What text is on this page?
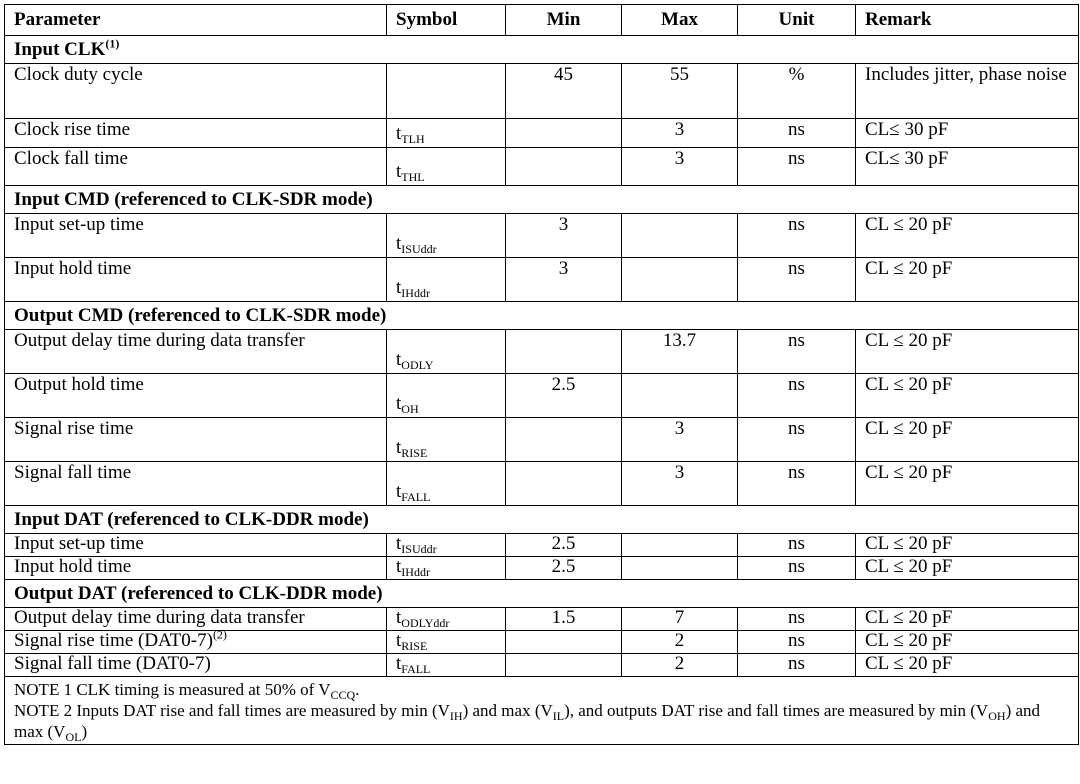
Parameter	Symbol	Min	Max	Unit	Remark
Input CLK$^{(1)}$
Clock duty cycle		45	55	%	Includes jitter, phase noise
Clock rise time	$t_{TLH}$		3	ns	CL≤ 30 pF
Clock fall time	$t_{THL}$		3	ns	CL≤ 30 pF
Input CMD (referenced to CLK-SDR mode)					
Input set-up time	$t_{ISUddr}$	3		ns	CL ≤ 20 pF
Input hold time	$t_{IHddr}$	3		ns	CL ≤ 20 pF
Output CMD (referenced to CLK-SDR mode)					
Output delay time during data transfer	$t_{ODLY}$		13.7	ns	CL ≤ 20 pF
Output hold time	$t_{OH}$	2.5		ns	CL ≤ 20 pF
Signal rise time	$t_{RISE}$		3	ns	CL ≤ 20 pF
Signal fall time	$t_{FALL}$		3	ns	CL ≤ 20 pF
Input DAT (referenced to CLK-DDR mode)					
Input set-up time	$t_{ISUddr}$	2.5		ns	CL ≤ 20 pF
Input hold time	$t_{IHddr}$	2.5		ns	CL ≤ 20 pF
Output DAT (referenced to CLK-DDR mode)					
Output delay time during data transfer	$t_{ODLYddr}$	1.5	7	ns	CL ≤ 20 pF
Signal rise time $(DAT0-7)^{(2)}$	$t_{RISE}$		2	ns	CL ≤ 20 pF
Signal fall time (DAT0-7)	$t_{FALL}$		2	ns	CL ≤ 20 pF

NOTE 1 CLK timing is measured at 50% of $V_{CCQ}$.
NOTE 2 Inputs DAT rise and fall times are measured by $\min (V_{IH})$ and $\max (V_{IL})$, and outputs DAT rise and fall times are measured by $\min (V_{OH})$ and $\max (V_{OL})$					
